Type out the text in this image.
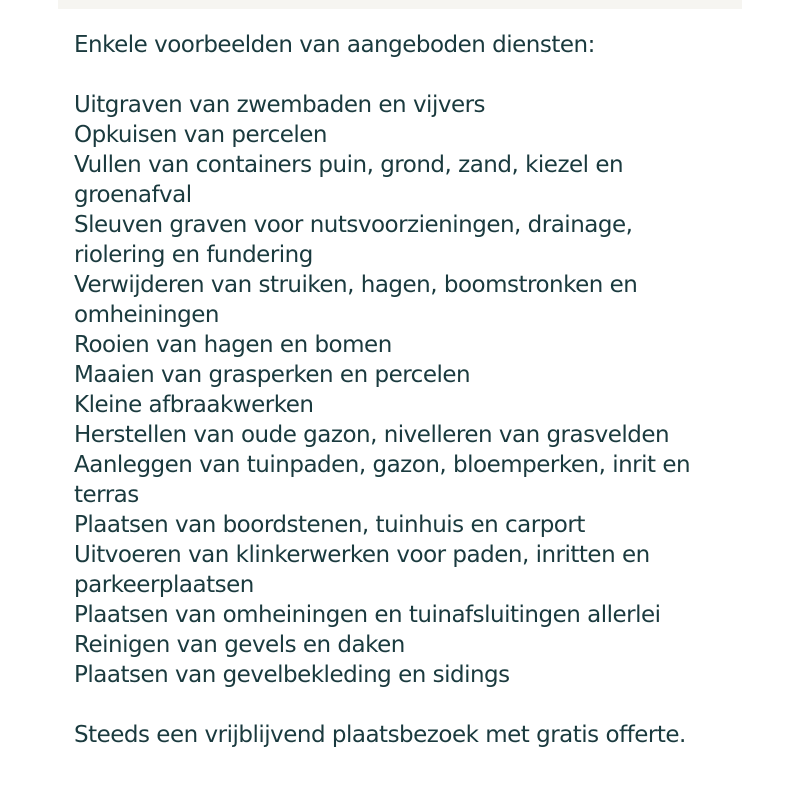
Enkele voorbeelden van aangeboden diensten:

Uitgraven van zwembaden en vijvers
Opkuisen van percelen
Vullen van containers puin, grond, zand, kiezel en
groenafval
Sleuven graven voor nutsvoorzieningen, drainage,
riolering en fundering
Verwijderen van struiken, hagen, boomstronken en
omheiningen
Rooien van hagen en bomen
Maaien van grasperken en percelen
Kleine afbraakwerken
Herstellen van oude gazon, nivelleren van grasvelden
Aanleggen van tuinpaden, gazon, bloemperken, inrit en
terras
Plaatsen van boordstenen, tuinhuis en carport
Uitvoeren van klinkerwerken voor paden, inritten en
parkeerplaatsen
Plaatsen van omheiningen en tuinafsluitingen allerlei
Reinigen van gevels en daken
Plaatsen van gevelbekleding en sidings

Steeds een vrijblijvend plaatsbezoek met gratis offerte.
